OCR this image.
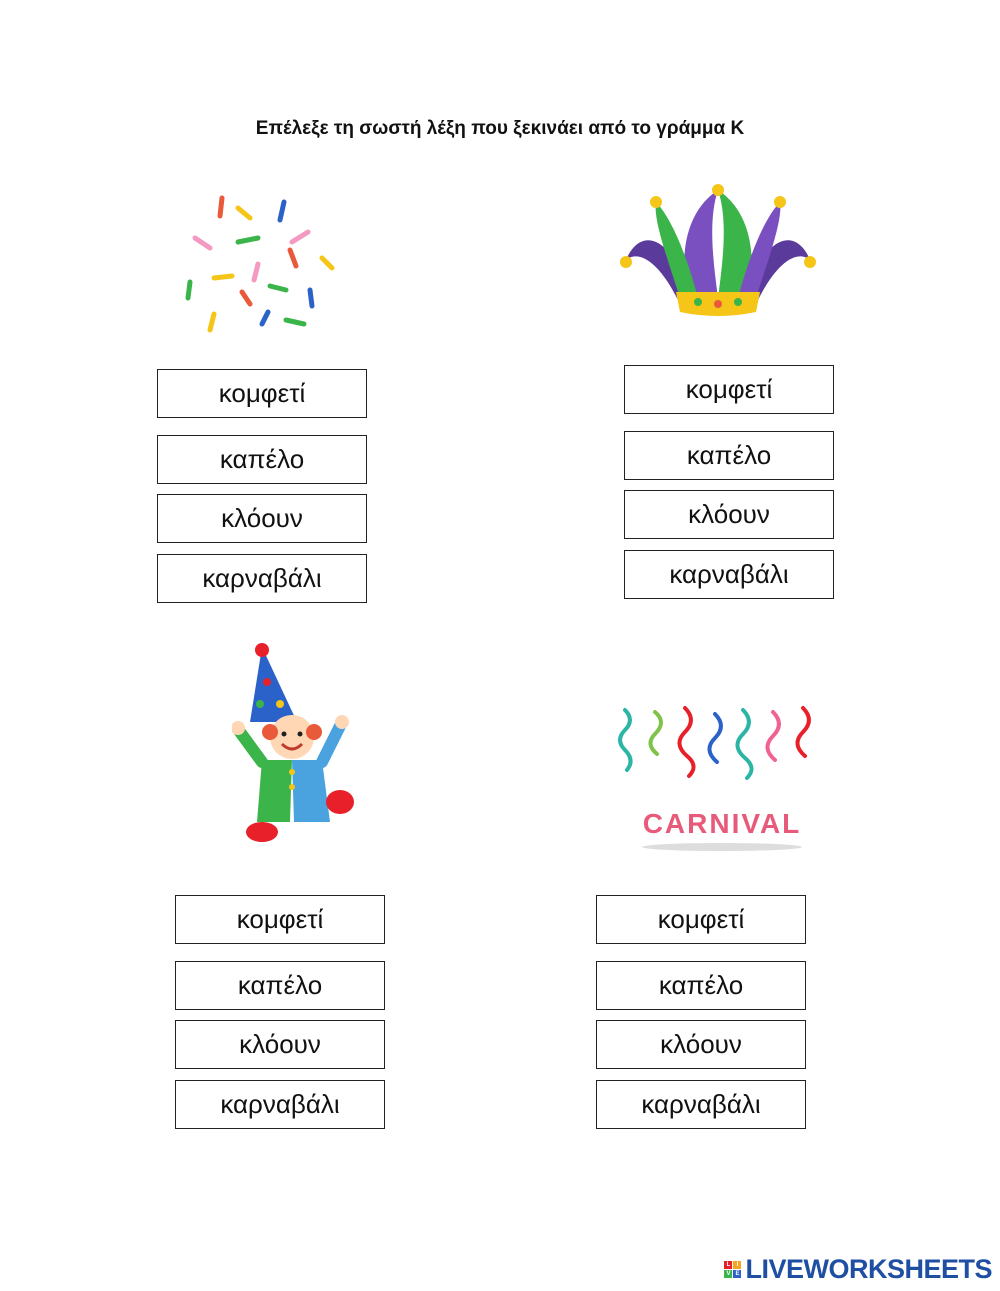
Επέλεξε τη σωστή λέξη που ξεκινάει από το γράμμα Κ
CARNIVAL
κομφετί
καπέλο
κλόουν
καρναβάλι
κομφετί
καπέλο
κλόουν
καρναβάλι
κομφετί
καπέλο
κλόουν
καρναβάλι
κομφετί
καπέλο
κλόουν
καρναβάλι
L	I
V E LIVEWORKSHEETS
